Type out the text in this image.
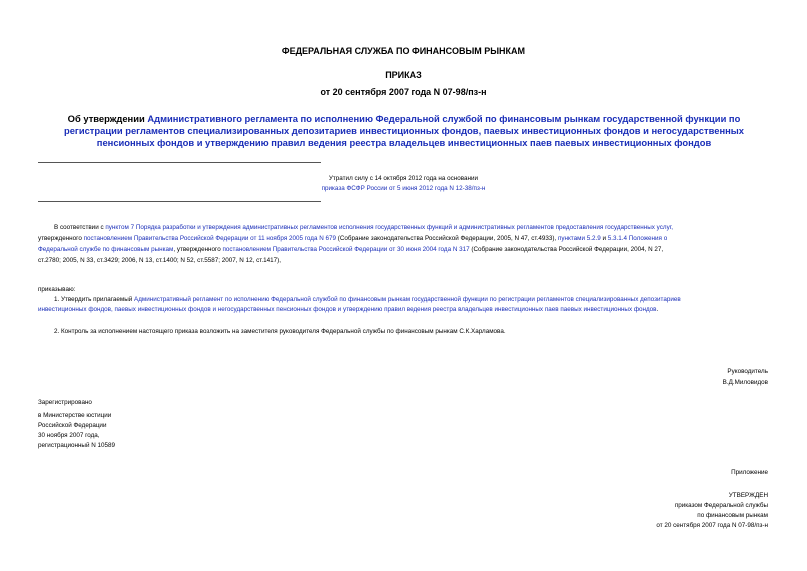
ФЕДЕРАЛЬНАЯ СЛУЖБА ПО ФИНАНСОВЫМ РЫНКАМ
ПРИКАЗ
от 20 сентября 2007 года N 07-98/пз-н
Об утверждении Административного регламента по исполнению Федеральной службой по финансовым рынкам государственной функции по регистрации регламентов специализированных депозитариев инвестиционных фондов, паевых инвестиционных фондов и негосударственных пенсионных фондов и утверждению правил ведения реестра владельцев инвестиционных паев паевых инвестиционных фондов
Утратил силу с 14 октября 2012 года на основании
приказа ФСФР России от 5 июня 2012 года N 12-38/пз-н
В соответствии с пунктом 7 Порядка разработки и утверждения административных регламентов исполнения государственных функций и административных регламентов предоставления государственных услуг,
утвержденного постановлением Правительства Российской Федерации от 11 ноября 2005 года N 679 (Собрание законодательства Российской Федерации, 2005, N 47, ст.4933), пунктами 5.2.9 и 5.3.1.4 Положения о
Федеральной службе по финансовым рынкам, утвержденного постановлением Правительства Российской Федерации от 30 июня 2004 года N 317 (Собрание законодательства Российской Федерации, 2004, N 27,
ст.2780; 2005, N 33, ст.3429; 2006, N 13, ст.1400; N 52, ст.5587; 2007, N 12, ст.1417),
приказываю:
1. Утвердить прилагаемый Административный регламент по исполнению Федеральной службой по финансовым рынкам государственной функции по регистрации регламентов специализированных депозитариев
инвестиционных фондов, паевых инвестиционных фондов и негосударственных пенсионных фондов и утверждению правил ведения реестра владельцев инвестиционных паев паевых инвестиционных фондов.
2. Контроль за исполнением настоящего приказа возложить на заместителя руководителя Федеральной службы по финансовым рынкам С.К.Харламова.
Руководитель
В.Д.Миловидов
Зарегистрировано
в Министерстве юстиции
Российской Федерации
30 ноября 2007 года,
регистрационный N 10589
Приложение
УТВЕРЖДЕН
приказом Федеральной службы
по финансовым рынкам
от 20 сентября 2007 года N 07-98/пз-н
